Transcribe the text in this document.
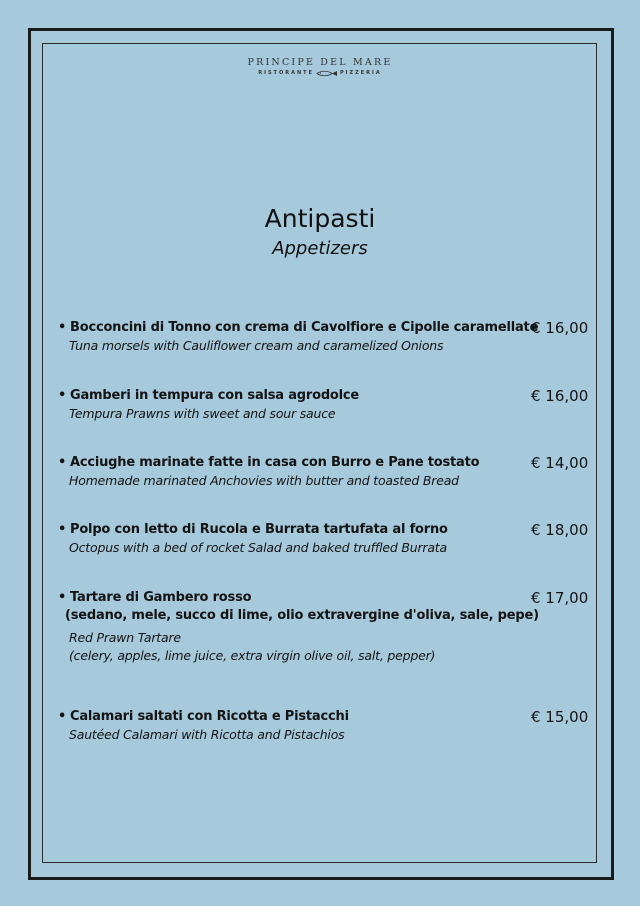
PRINCIPE DEL MARE
RISTORANTE	PIZZERIA
Antipasti
Appetizers
• Bocconcini di Tonno con crema di Cavolfiore e Cipolle caramellate
Tuna morsels with Cauliflower cream and caramelized Onions
€ 16,00
• Gamberi in tempura con salsa agrodolce
Tempura Prawns with sweet and sour sauce
€ 16,00
• Acciughe marinate fatte in casa con Burro e Pane tostato
Homemade marinated Anchovies with butter and toasted Bread
€ 14,00
• Polpo con letto di Rucola e Burrata tartufata al forno
Octopus with a bed of rocket Salad and baked truffled Burrata
€ 18,00
• Tartare di Gambero rosso
(sedano, mele, succo di lime, olio extravergine d'oliva, sale, pepe)
Red Prawn Tartare
(celery, apples, lime juice, extra virgin olive oil, salt, pepper)
€ 17,00
• Calamari saltati con Ricotta e Pistacchi
Sautéed Calamari with Ricotta and Pistachios
€ 15,00
